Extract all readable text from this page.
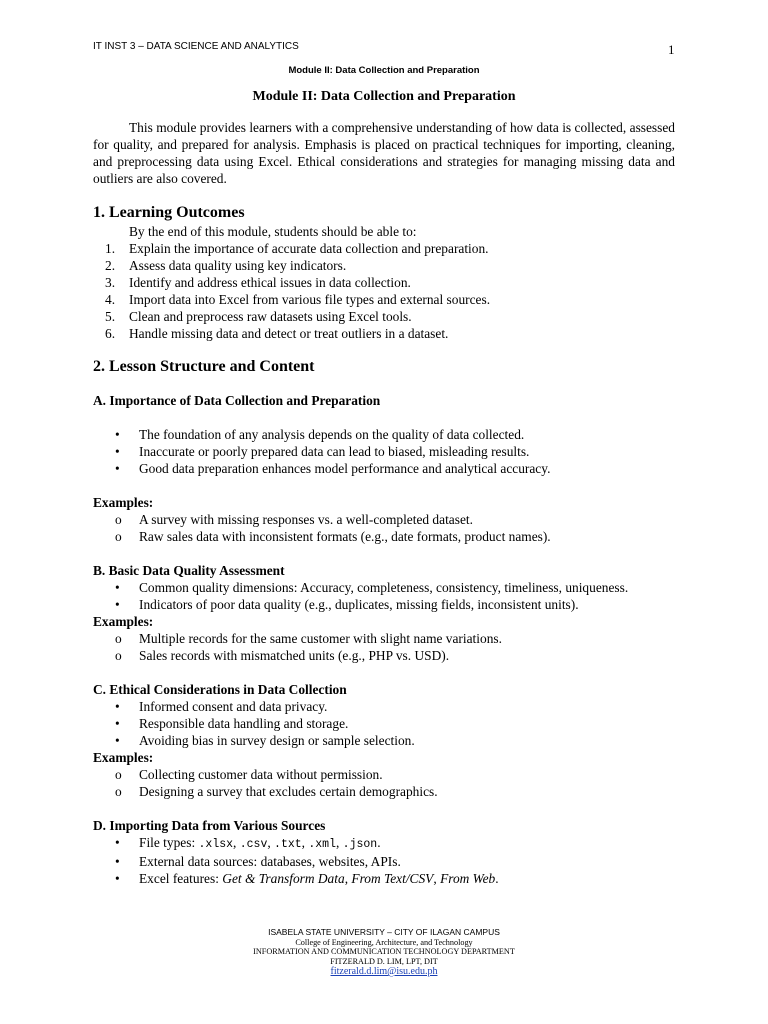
IT INST 3 – DATA SCIENCE AND ANALYTICS	1
Module II: Data Collection and Preparation
Module II: Data Collection and Preparation

This module provides learners with a comprehensive understanding of how data is collected, assessed for quality, and prepared for analysis. Emphasis is placed on practical techniques for importing, cleaning, and preprocessing data using Excel. Ethical considerations and strategies for managing missing data and outliers are also covered.

1. Learning Outcomes

By the end of this module, students should be able to:

1. Explain the importance of accurate data collection and preparation.
2. Assess data quality using key indicators.
3. Identify and address ethical issues in data collection.
4. Import data into Excel from various file types and external sources.
5. Clean and preprocess raw datasets using Excel tools.
6. Handle missing data and detect or treat outliers in a dataset.
2. Lesson Structure and Content
A. Importance of Data Collection and Preparation
• The foundation of any analysis depends on the quality of data collected.
• Inaccurate or poorly prepared data can lead to biased, misleading results.
• Good data preparation enhances model performance and analytical accuracy.

Examples:

o A survey with missing responses vs. a well-completed dataset.
o Raw sales data with inconsistent formats (e.g., date formats, product names).
B. Basic Data Quality Assessment
• Common quality dimensions: Accuracy, completeness, consistency, timeliness, uniqueness.
• Indicators of poor data quality (e.g., duplicates, missing fields, inconsistent units).

Examples:

o Multiple records for the same customer with slight name variations.
o Sales records with mismatched units (e.g., PHP vs. USD).
C. Ethical Considerations in Data Collection
• Informed consent and data privacy.
• Responsible data handling and storage.
• Avoiding bias in survey design or sample selection.

Examples:

o Collecting customer data without permission.
o Designing a survey that excludes certain demographics.
D. Importing Data from Various Sources
• File types: .xlsx, .csv, .txt, .xml, .json.
• External data sources: databases, websites, APIs.
• Excel features: Get & Transform Data, From Text/CSV, From Web.
ISABELA STATE UNIVERSITY – CITY OF ILAGAN CAMPUS
College of Engineering, Architecture, and Technology
INFORMATION AND COMMUNICATION TECHNOLOGY DEPARTMENT
FITZERALD D. LIM, LPT, DIT
fitzerald.d.lim@isu.edu.ph
